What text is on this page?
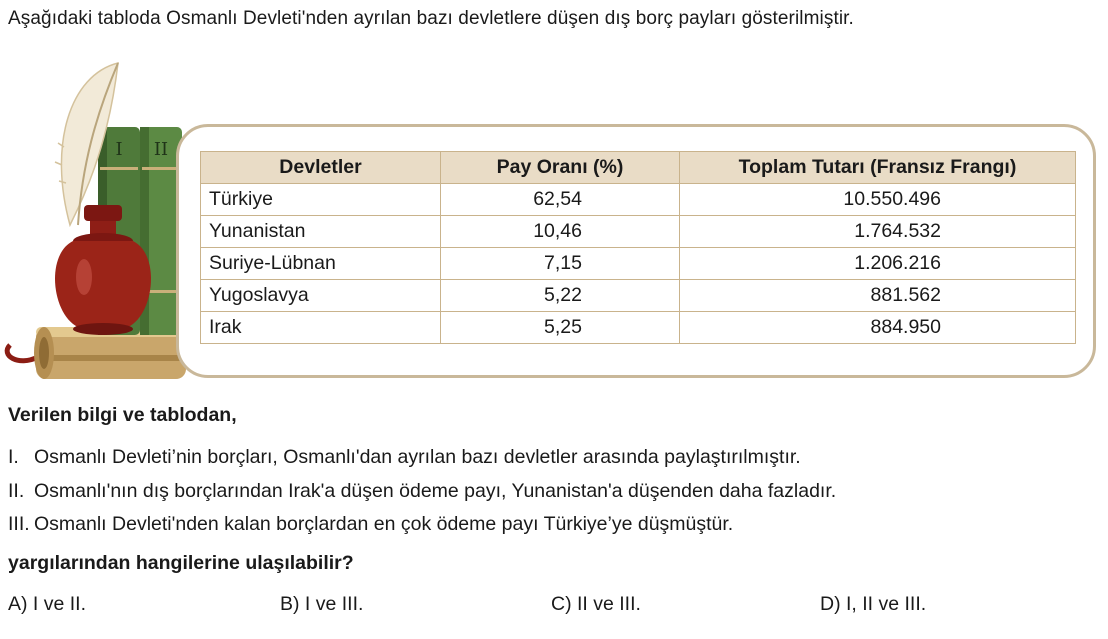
Aşağıdaki tabloda Osmanlı Devleti'nden ayrılan bazı devletlere düşen dış borç payları gösterilmiştir.
I II
Devletler	Pay Oranı (%)	Toplam Tutarı (Fransız Frangı)
Türkiye	62,54	10.550.496
Yunanistan	10,46	1.764.532
Suriye-Lübnan	7,15	1.206.216
Yugoslavya	5,22	881.562
Irak	5,25	884.950
Verilen bilgi ve tablodan,
I. Osmanlı Devleti’nin borçları, Osmanlı'dan ayrılan bazı devletler arasında paylaştırılmıştır.
II. Osmanlı'nın dış borçlarından Irak'a düşen ödeme payı, Yunanistan'a düşenden daha fazladır.
III. Osmanlı Devleti'nden kalan borçlardan en çok ödeme payı Türkiye’ye düşmüştür.
yargılarından hangilerine ulaşılabilir?
A) I ve II.	B) I ve III.	C) II ve III.	D) I, II ve III.
